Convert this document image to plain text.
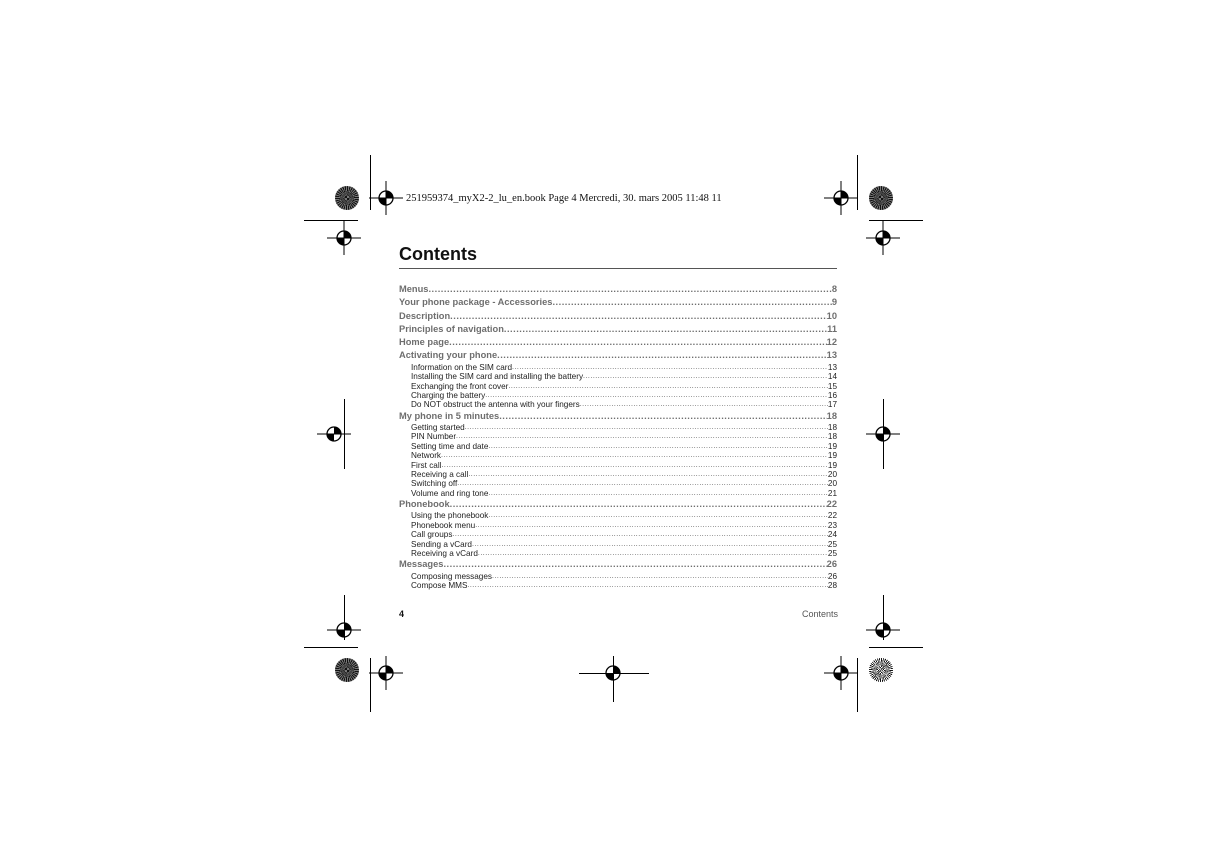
251959374_myX2-2_lu_en.book Page 4 Mercredi, 30. mars 2005 11:48 11
Contents
Menus .....	8
Your phone package - Accessories .....	9
Description .....	10
Principles of navigation .....	11
Home page .....	12
Activating your phone .....	13
Information on the SIM card .....	13
Installing the SIM card and installing the battery .....	14
Exchanging the front cover .....	15
Charging the battery .....	16
Do NOT obstruct the antenna with your fingers .....	17
My phone in 5 minutes .....	18
Getting started .....	18
PIN Number .....	18
Setting time and date .....	19
Network .....	19
First call .....	19
Receiving a call .....	20
Switching off .....	20
Volume and ring tone .....	21
Phonebook .....	22
Using the phonebook .....	22
Phonebook menu .....	23
Call groups .....	24
Sending a vCard .....	25
Receiving a vCard .....	25
Messages .....	26
Composing messages .....	26
Compose MMS .....	28
4	Contents
